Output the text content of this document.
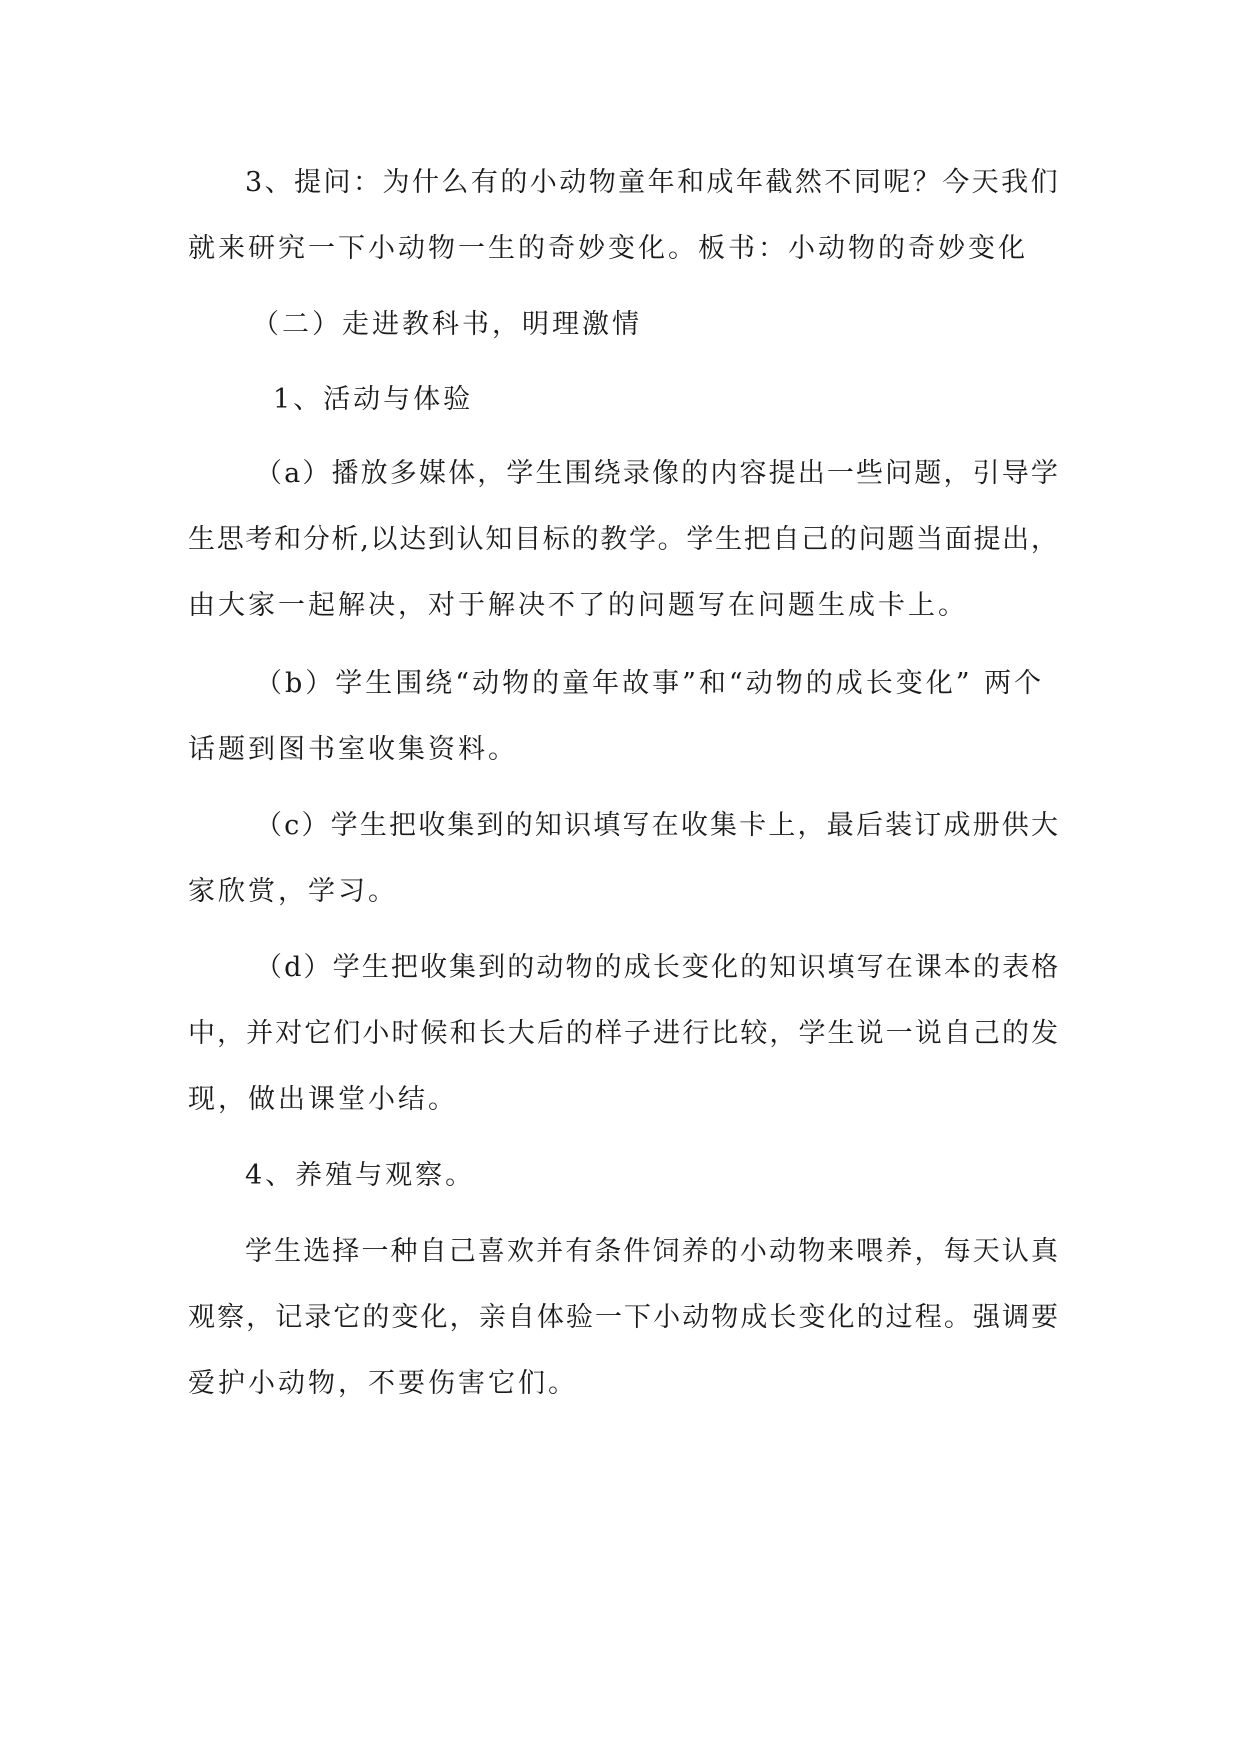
3、提问：为什么有的小动物童年和成年截然不同呢？今天我们
就来研究一下小动物一生的奇妙变化。板书：小动物的奇妙变化
（二）走进教科书，明理激情
1、活动与体验
（a）播放多媒体，学生围绕录像的内容提出一些问题，引导学
生思考和分析,以达到认知目标的教学。学生把自己的问题当面提出，
由大家一起解决，对于解决不了的问题写在问题生成卡上。
（b）学生围绕“动物的童年故事”和“动物的成长变化” 两个
话题到图书室收集资料。
（c）学生把收集到的知识填写在收集卡上，最后装订成册供大
家欣赏，学习。
（d）学生把收集到的动物的成长变化的知识填写在课本的表格
中，并对它们小时候和长大后的样子进行比较，学生说一说自己的发
现，做出课堂小结。
4、养殖与观察。
学生选择一种自己喜欢并有条件饲养的小动物来喂养，每天认真
观察，记录它的变化，亲自体验一下小动物成长变化的过程。强调要
爱护小动物，不要伤害它们。
